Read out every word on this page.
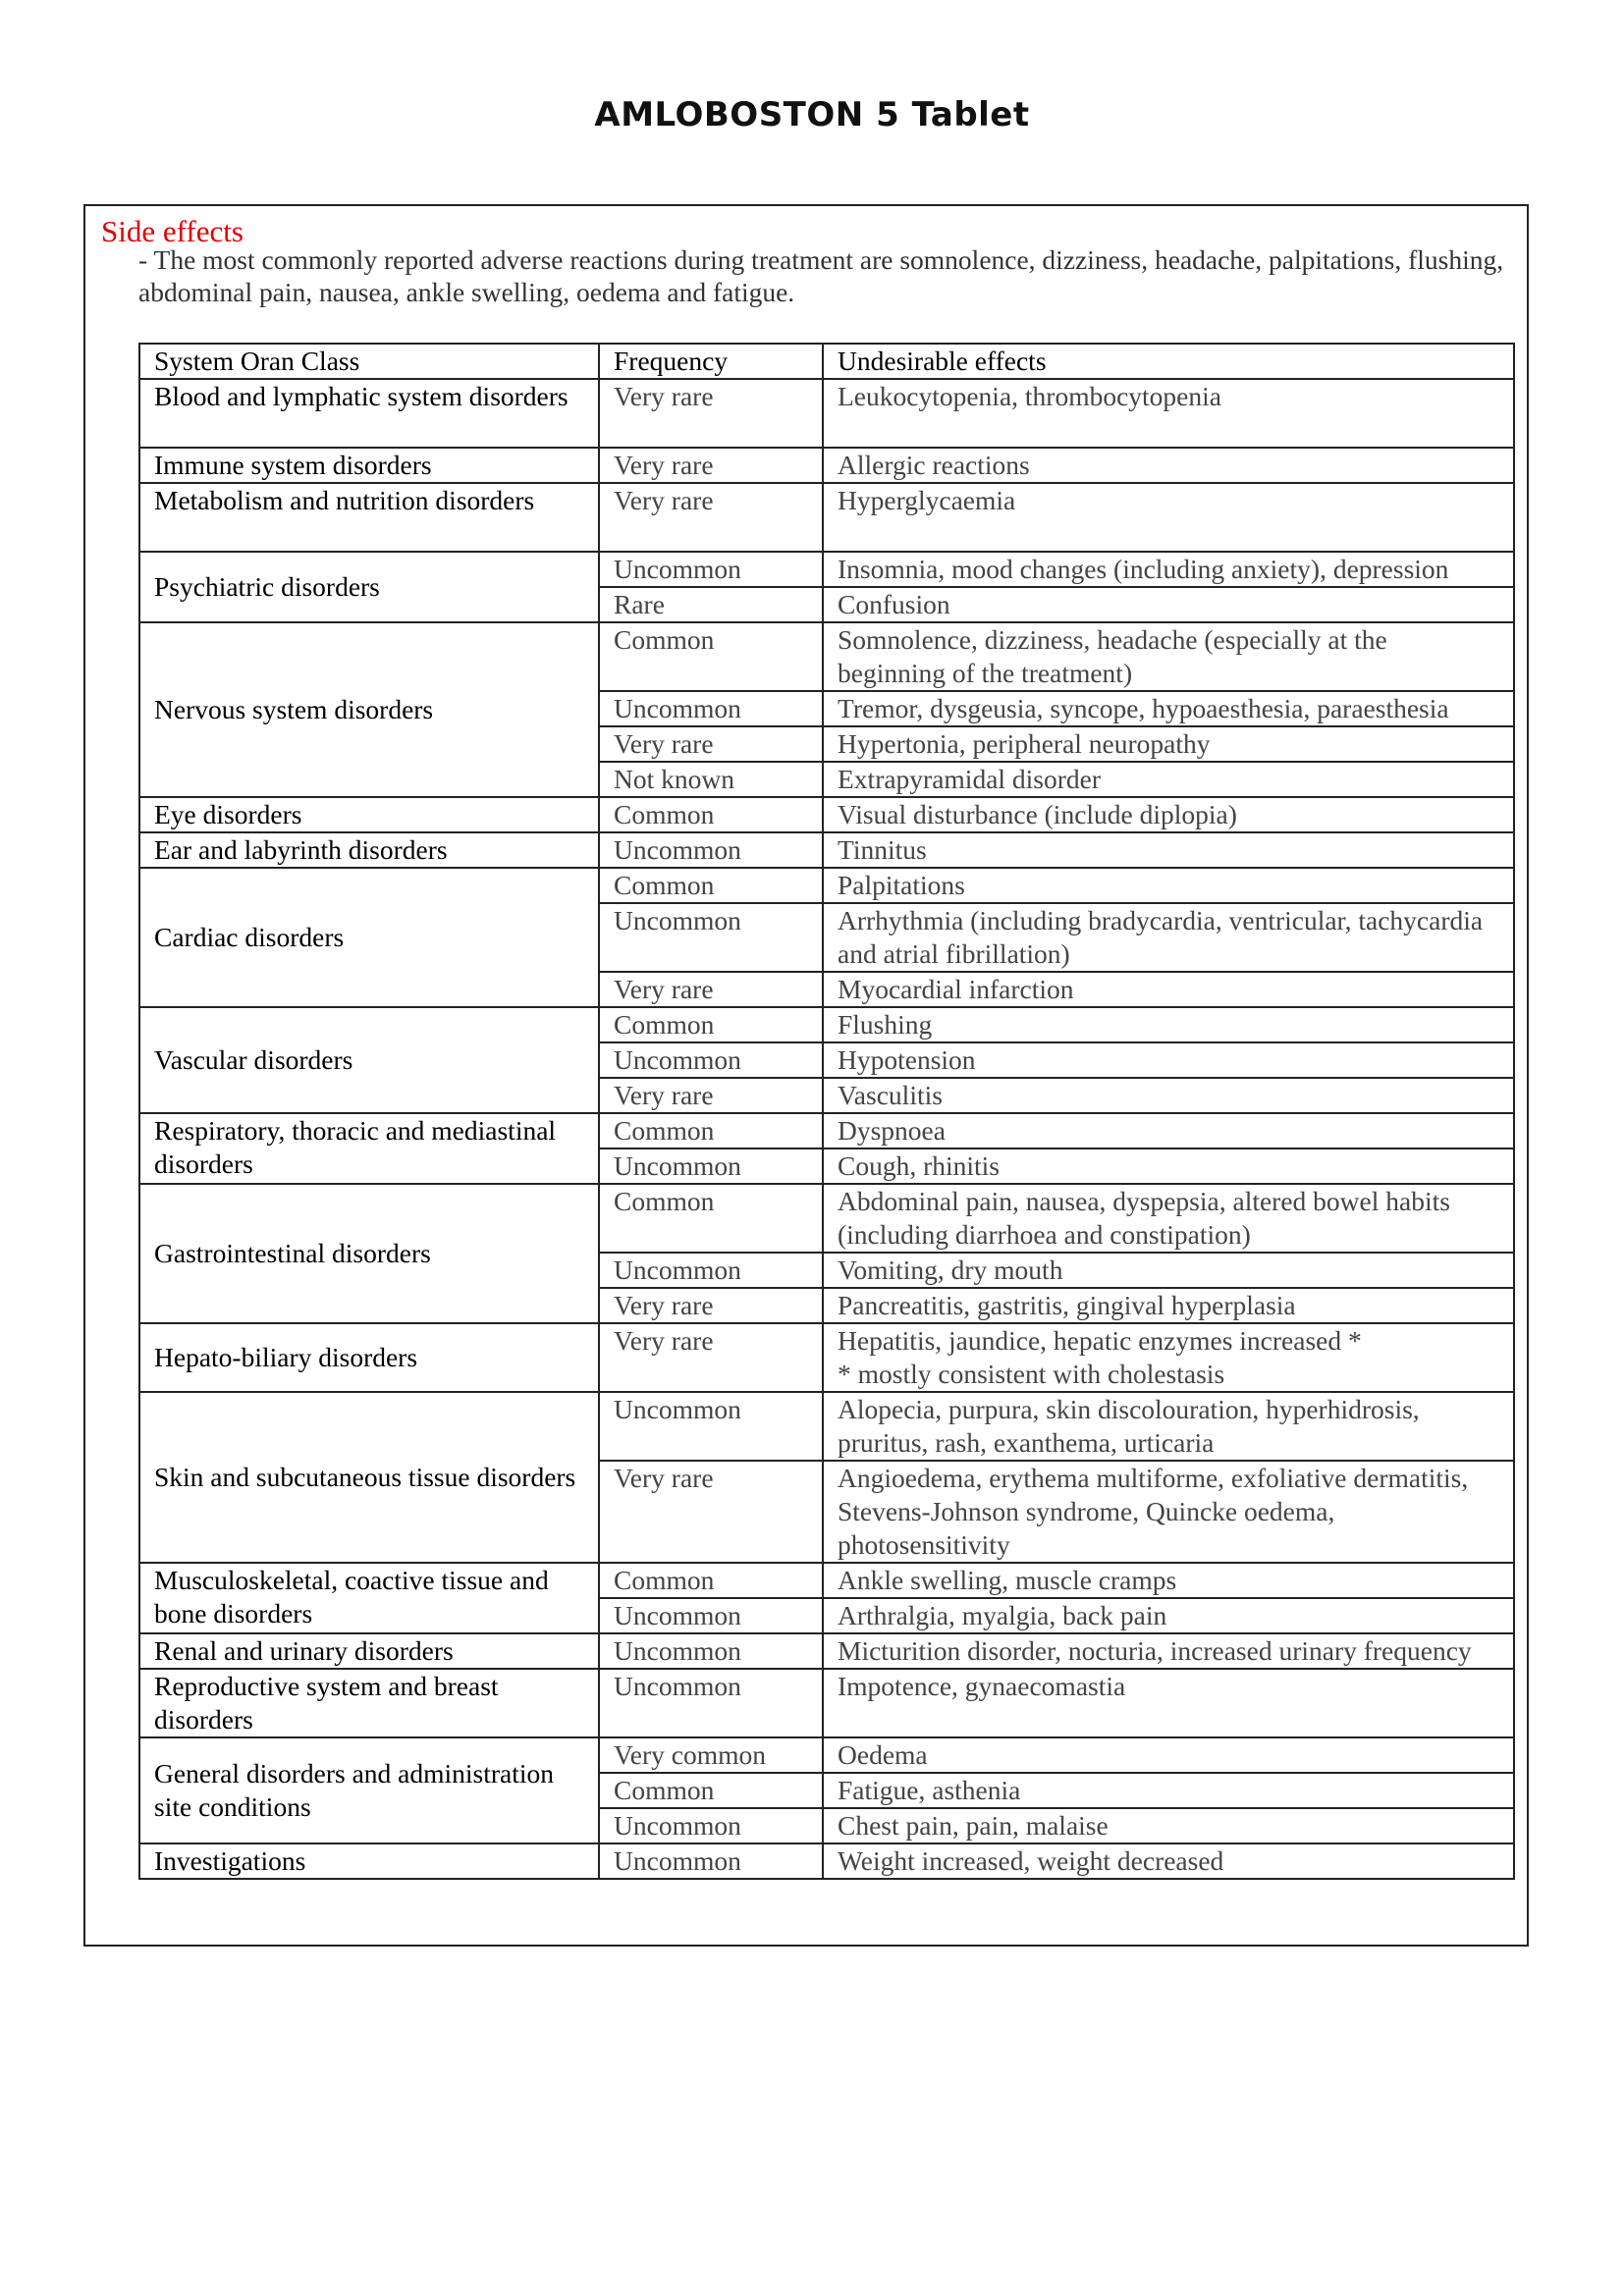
AMLOBOSTON 5 Tablet
Side effects

- The most commonly reported adverse reactions during treatment are somnolence, dizziness, headache, palpitations, flushing, abdominal pain, nausea, ankle swelling, oedema and fatigue.

System Oran Class	Frequency	Undesirable effects
Blood and lymphatic system disorders	Very rare	Leukocytopenia, thrombocytopenia

Immune system disorders	Very rare	Allergic reactions

Metabolism and nutrition disorders	Very rare	Hyperglycaemia

Psychiatric disorders	Uncommon	Insomnia, mood changes (including anxiety), depression

	Rare	Confusion

Nervous system disorders	Common	Somnolence, dizziness, headache (especially at the beginning of the treatment)

	Uncommon	Tremor, dysgeusia, syncope, hypoaesthesia, paraesthesia

	Very rare	Hypertonia, peripheral neuropathy

	Not known	Extrapyramidal disorder

Eye disorders	Common	Visual disturbance (include diplopia)

Ear and labyrinth disorders	Uncommon	Tinnitus

Cardiac disorders	Common	Palpitations

	Uncommon	Arrhythmia (including bradycardia, ventricular, tachycardia and atrial fibrillation)

	Very rare	Myocardial infarction

Vascular disorders	Common	Flushing

	Uncommon	Hypotension

	Very rare	Vasculitis

Respiratory, thoracic and mediastinal disorders	Common	Dyspnoea

	Uncommon	Cough, rhinitis

Gastrointestinal disorders	Common	Abdominal pain, nausea, dyspepsia, altered bowel habits (including diarrhoea and constipation)

	Uncommon	Vomiting, dry mouth

	Very rare	Pancreatitis, gastritis, gingival hyperplasia

Hepato-biliary disorders	Very rare	Hepatitis, jaundice, hepatic enzymes increased *
* mostly consistent with cholestasis

Skin and subcutaneous tissue disorders	Uncommon	Alopecia, purpura, skin discolouration, hyperhidrosis, pruritus, rash, exanthema, urticaria

	Very rare	Angioedema, erythema multiforme, exfoliative dermatitis, Stevens-Johnson syndrome, Quincke oedema, photosensitivity

Musculoskeletal, coactive tissue and bone disorders	Common	Ankle swelling, muscle cramps

	Uncommon	Arthralgia, myalgia, back pain

Renal and urinary disorders	Uncommon	Micturition disorder, nocturia, increased urinary frequency

Reproductive system and breast disorders	Uncommon	Impotence, gynaecomastia

General disorders and administration site conditions	Very common	Oedema

	Common	Fatigue, asthenia

	Uncommon	Chest pain, pain, malaise

Investigations	Uncommon	Weight increased, weight decreased
